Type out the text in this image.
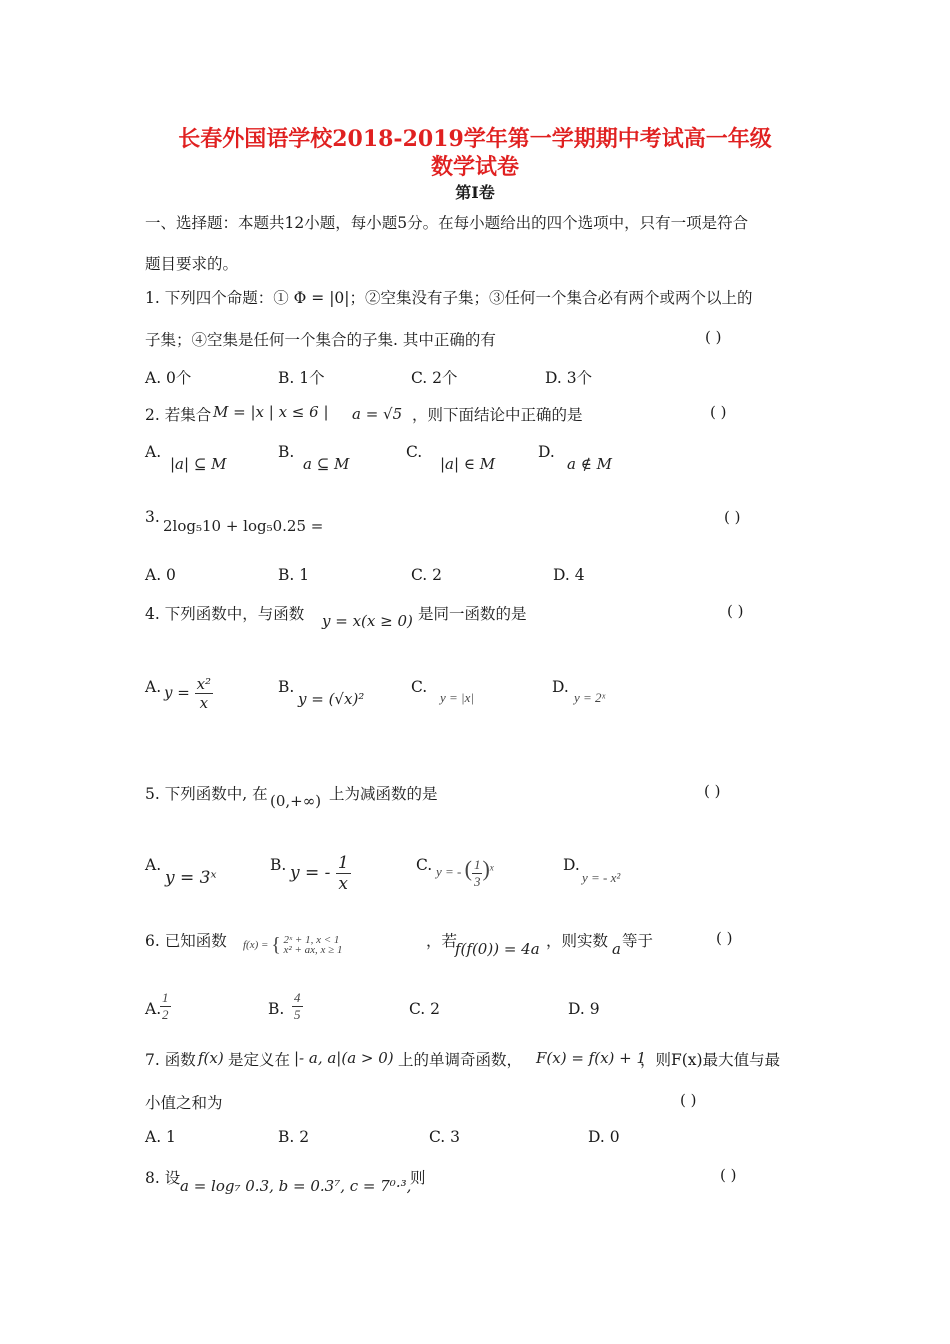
长春外国语学校2018-2019学年第一学期期中考试高一年级
数学试卷
第Ⅰ卷
一、选择题：本题共12小题，每小题5分。在每小题给出的四个选项中，只有一项是符合
题目要求的。
1. 下列四个命题：① Φ = |0|；②空集没有子集；③任何一个集合必有两个或两个以上的
子集；④空集是任何一个集合的子集. 其中正确的有	( )
A. 0个	B. 1个	C. 2个	D. 3个
2. 若集合 M = |x | x ≤ 6 | a = √5 ，则下面结论中正确的是	( )
A.
|a| ⊆ M
B.
a ⊆ M
C.
|a| ∈ M
D.
a ∉ M
3. 2log₅10 + log₅0.25 =	( )
A. 0	B. 1	C. 2	D. 4
4. 下列函数中，与函数 y = x(x ≥ 0) 是同一函数的是	( )
A. $y = \frac{\text{x²}}{x}$	B.
y = (√x)²
C.
y = |x|
D.
y = 2ˣ
5. 下列函数中, 在 (0,+∞) 上为减函数的是	( )
A.
y = 3ˣ
B. y = - $\frac{1}{x}$	C. y = - ( $\frac{1}{3} )^x$	D.
y = - x²
6. 已知函数 f(x) = { 2ˣ + 1, x < 1
x² + ax, x ≥ 1	，若
f(f(0)) = 4a ，则实数 a 等于	( )
A.
$\frac{1}{2}$	B. $\frac{4}{5}$	C. 2	D. 9
7. 函数 f(x) 是定义在 |- a, a|(a > 0) 上的单调奇函数， F(x) = f(x) + 1
，则F(x)最大值与最
小值之和为	( )
A. 1	B. 2	C. 3	D. 0
8. 设 a = log₇ 0.3, b = 0.3⁷, c = 7⁰·³,
则	( )
